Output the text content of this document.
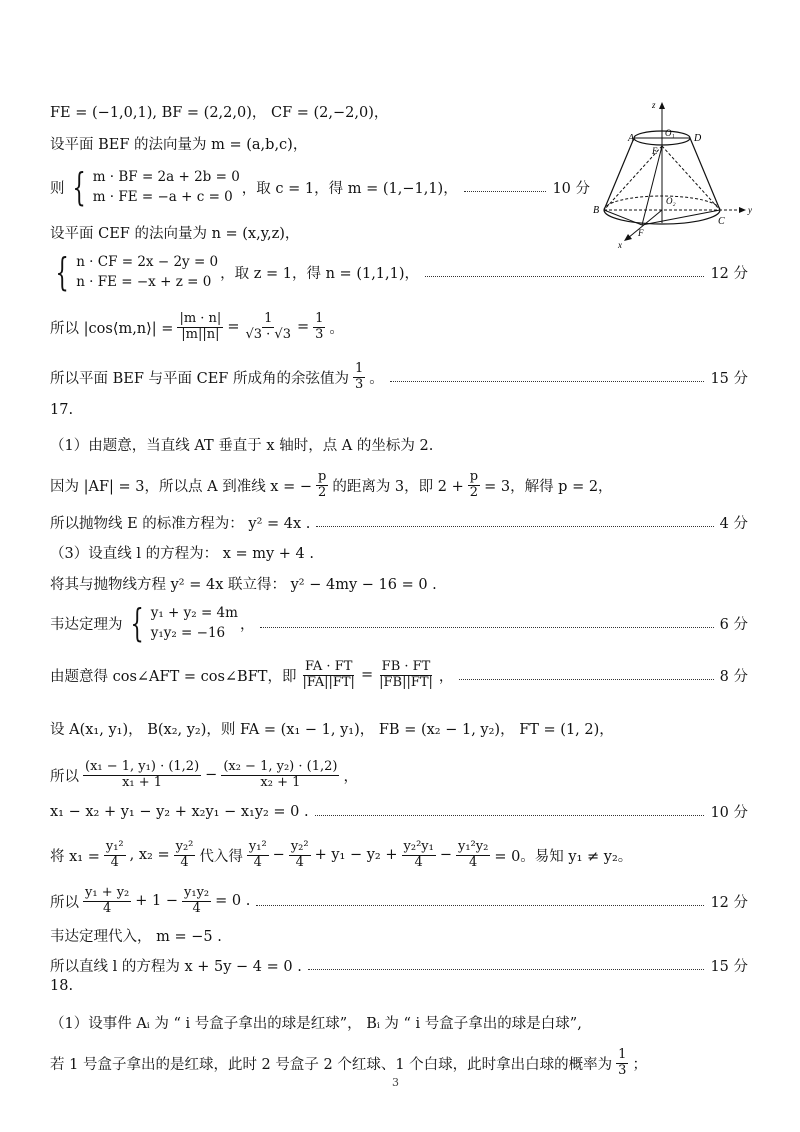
FE = (−1,0,1), BF = (2,2,0)， CF = (2,−2,0)，
设平面 BEF 的法向量为 m = (a,b,c)，
则 { m · BF = 2a + 2b = 0
m · FE = −a + c = 0
，取 c = 1，得 m = (1,−1,1)，	10 分
设平面 CEF 的法向量为 n = (x,y,z)，
{ n · CF = 2x − 2y = 0
n · FE = −x + z = 0
，取 z = 1，得 n = (1,1,1)，	12 分
所以 |cos⟨m,n⟩| = $\frac{|m \cdot n|}{|m||n|} = \frac{1}{√3 \cdot √3} = \frac{1}{3}$ 。
所以平面 BEF 与平面 CEF 所成角的余弦值为 $\frac{1}{3}$ 。	15 分
17.
（1）由题意，当直线 AT 垂直于 x 轴时，点 A 的坐标为 2.
因为 |AF| = 3，所以点 A 到准线 x = − $\frac{p}{2}$ 的距离为 3，即 $2 + \frac{p}{2} = 3$，解得 p = 2，
所以抛物线 E 的标准方程为： y² = 4x .	4 分
（3）设直线 l 的方程为： x = my + 4 .
将其与抛物线方程 y² = 4x 联立得： y² − 4my − 16 = 0 .
韦达定理为 { y₁ + y₂ = 4m
y₁y₂ = −16
，	6 分
由题意得 cos∠AFT = cos∠BFT，即 $\frac{FA \cdot FT}{|FA||FT|} = \frac{FB \cdot FT}{|FB||FT|}$ ，	8 分
设 A(x₁, y₁)， B(x₂, y₂)，则 FA = (x₁ − 1, y₁)， FB = (x₂ − 1, y₂)， FT = (1, 2)，
所以 $\frac{\text{(x₁ − 1, y₁) · (1,2)}}{\text{x₁ + 1}} - \frac{\text{(x₂ − 1, y₂) · (1,2)}}{\text{x₂ + 1}}$ ，
x₁ − x₂ + y₁ − y₂ + x₂y₁ − x₁y₂ = 0 .	10 分
将 $x_1 = \frac{\text{y₁²}}{4}$ , $x_2 = \frac{\text{y₂²}}{4}$ 代入得 $\frac{\text{y₁²}}{4} - \frac{\text{y₂²}}{4} + y_1 - y_2 + \frac{\text{y₂²y₁}}{4} - \frac{\text{y₁²y₂}}{4} = 0$。易知 y₁ ≠ y₂。
所以 $\frac{\text{y₁ + y₂}}{4} + 1 - \frac{\text{y₁y₂}}{4} = 0$ .	12 分
韦达定理代入， m = −5 .
所以直线 l 的方程为 x + 5y − 4 = 0 .	15 分
18.
（1）设事件 Aᵢ 为 “ i 号盒子拿出的球是红球”， Bᵢ 为 “ i 号盒子拿出的球是白球”,
若 1 号盒子拿出的是红球，此时 2 号盒子 2 个红球、1 个白球，此时拿出白球的概率为 $\frac{1}{3}$ ；
A	O₁ D
E
O₂
B
C
F
x
y
z
3
